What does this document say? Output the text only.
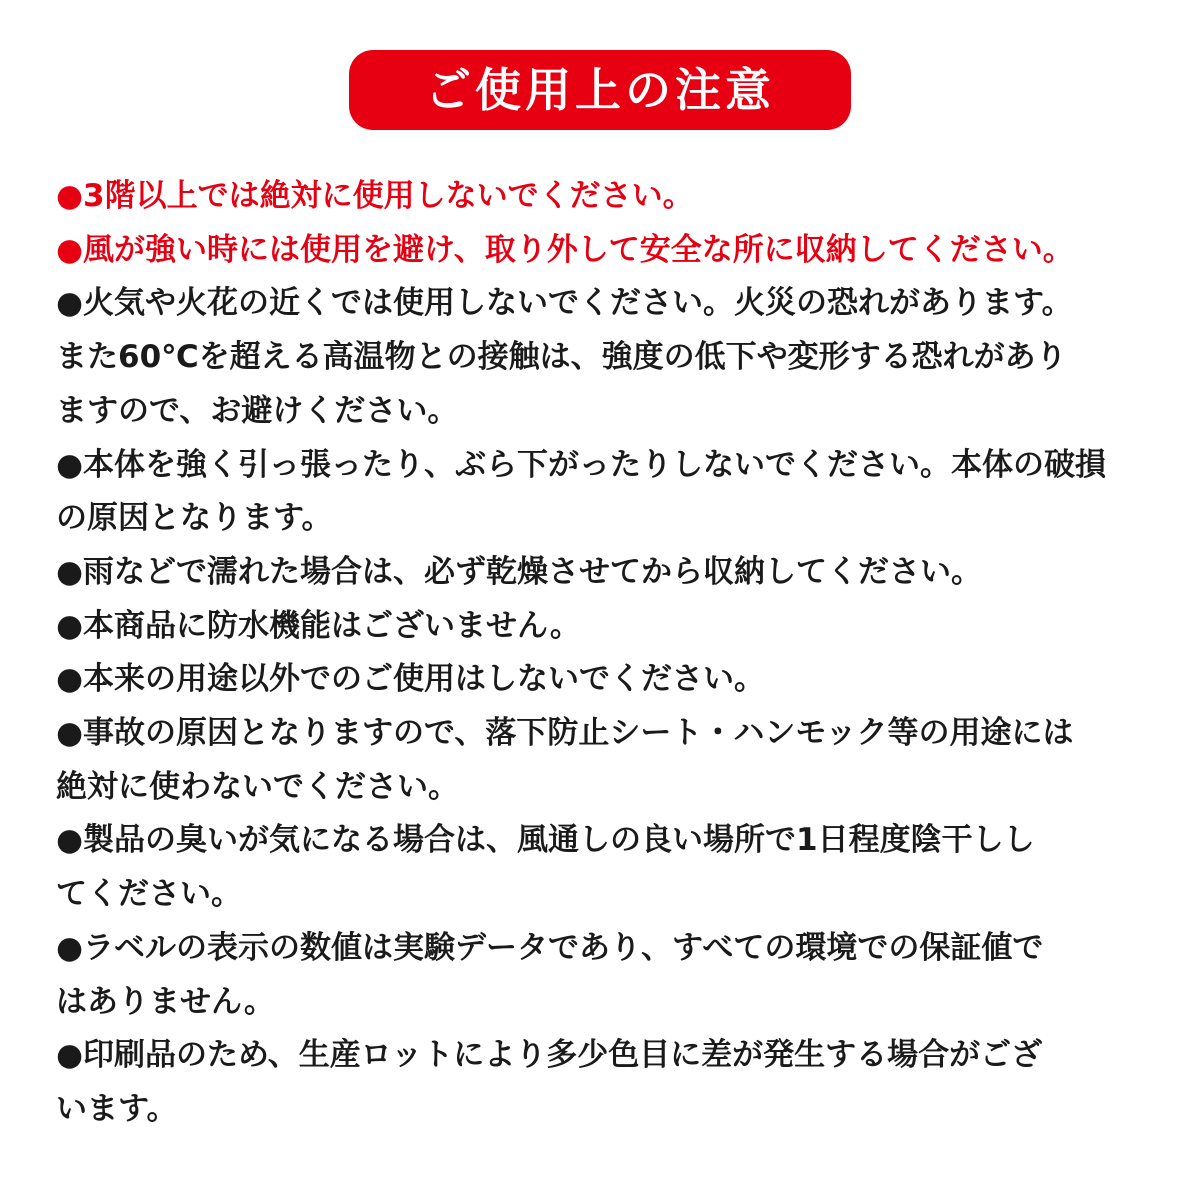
ご使用上の注意
●3階以上では絶対に使用しないでください。
●風が強い時には使用を避け、取り外して安全な所に収納してください。
●火気や火花の近くでは使用しないでください。火災の恐れがあります。
また60℃を超える高温物との接触は、強度の低下や変形する恐れがあり
ますので、お避けください。
●本体を強く引っ張ったり、ぶら下がったりしないでください。本体の破損
の原因となります。
●雨などで濡れた場合は、必ず乾燥させてから収納してください。
●本商品に防水機能はございません。
●本来の用途以外でのご使用はしないでください。
●事故の原因となりますので、落下防止シート・ハンモック等の用途には
絶対に使わないでください。
●製品の臭いが気になる場合は、風通しの良い場所で1日程度陰干しし
てください。
●ラベルの表示の数値は実験データであり、すべての環境での保証値で
はありません。
●印刷品のため、生産ロットにより多少色目に差が発生する場合がござ
います。
